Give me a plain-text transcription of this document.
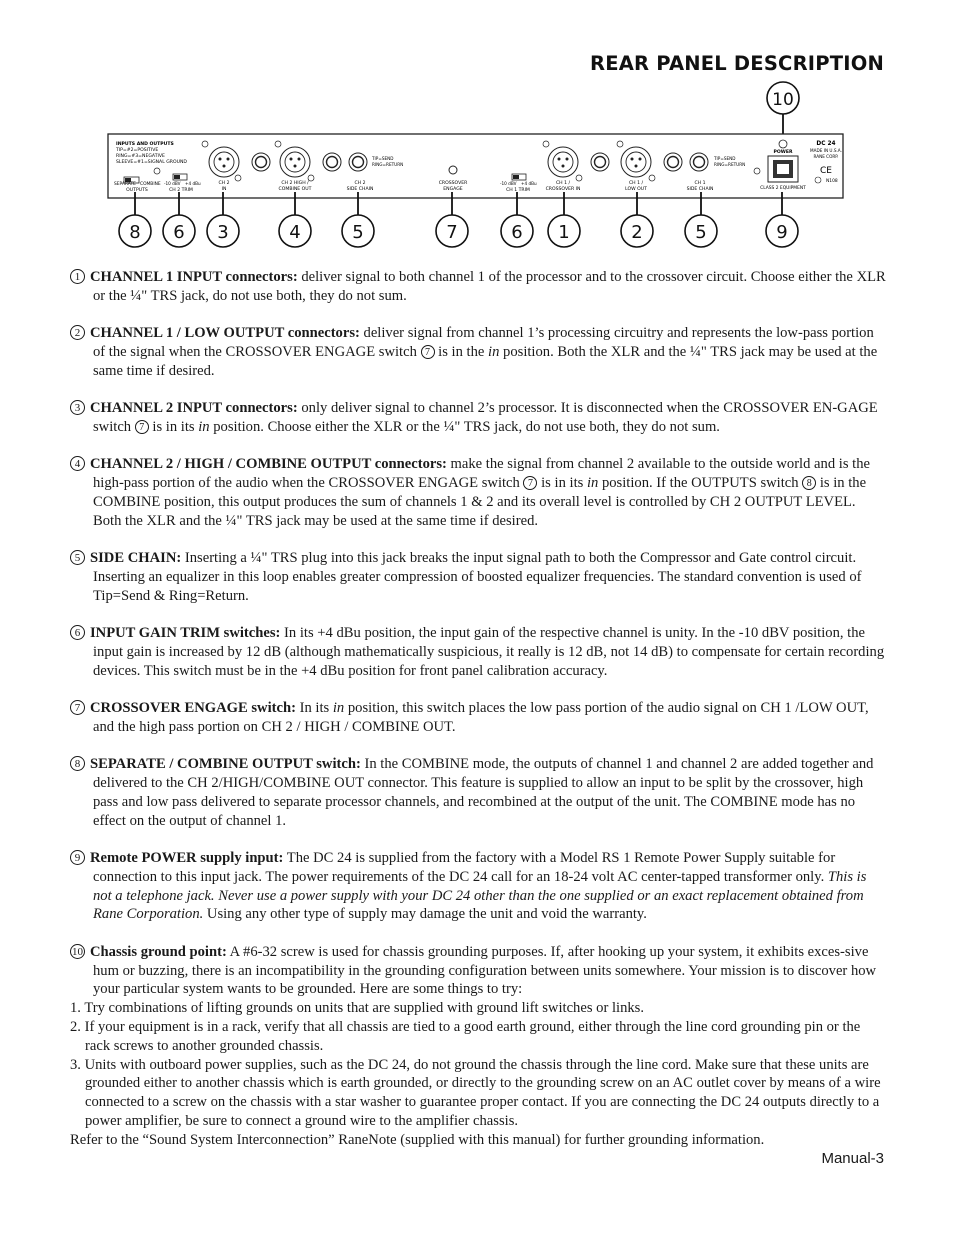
REAR PANEL DESCRIPTION
10
INPUTS AND OUTPUTS
TIP=#2=POSITIVE
RING=#3=NEGATIVE
SLEEVE=#1=SIGNAL GROUND
SEPARATE COMBINE
OUTPUTS
-10 dBV +4 dBu
CH 2 TRIM
CH 2
IN
CH 2 HIGH /
COMBINE OUT
TIP=SEND
RING=RETURN
CH 2
SIDE CHAIN
CROSSOVER
ENGAGE
-10 dBV +4 dBu
CH 1 TRIM
CH 1 /
CROSSOVER IN
CH 1 /
LOW OUT
TIP=SEND
RING=RETURN
CH 1
SIDE CHAIN
POWER
CLASS 2 EQUIPMENT
DC 24
MADE IN U.S.A.
RANE CORP.
CE
N108
8 6 3	4	5	7	6 1	2	5	9
1 CHANNEL 1 INPUT connectors: deliver signal to both channel 1 of the processor and to the crossover circuit. Choose either the XLR or the ¼" TRS jack, do not use both, they do not sum.
2 CHANNEL 1 / LOW OUTPUT connectors: deliver signal from channel 1’s processing circuitry and represents the low-pass portion of the signal when the CROSSOVER ENGAGE switch 7 is in the in position. Both the XLR and the ¼" TRS jack may be used at the same time if desired.
3 CHANNEL 2 INPUT connectors: only deliver signal to channel 2’s processor. It is disconnected when the CROSSOVER EN-GAGE switch 7 is in its in position. Choose either the XLR or the ¼" TRS jack, do not use both, they do not sum.
4 CHANNEL 2 / HIGH / COMBINE OUTPUT connectors: make the signal from channel 2 available to the outside world and is the high-pass portion of the audio when the CROSSOVER ENGAGE switch 7 is in its in position. If the OUTPUTS switch 8 is in the COMBINE position, this output produces the sum of channels 1 & 2 and its overall level is controlled by CH 2 OUTPUT LEVEL. Both the XLR and the ¼" TRS jack may be used at the same time if desired.
5 SIDE CHAIN: Inserting a ¼" TRS plug into this jack breaks the input signal path to both the Compressor and Gate control circuit. Inserting an equalizer in this loop enables greater compression of boosted equalizer frequencies. The standard convention is used of Tip=Send & Ring=Return.
6 INPUT GAIN TRIM switches: In its +4 dBu position, the input gain of the respective channel is unity. In the -10 dBV position, the input gain is increased by 12 dB (although mathematically suspicious, it really is 12 dB, not 14 dB) to compensate for certain recording devices. This switch must be in the +4 dBu position for front panel calibration accuracy.
7 CROSSOVER ENGAGE switch: In its in position, this switch places the low pass portion of the audio signal on CH 1 /LOW OUT, and the high pass portion on CH 2 / HIGH / COMBINE OUT.
8 SEPARATE / COMBINE OUTPUT switch: In the COMBINE mode, the outputs of channel 1 and channel 2 are added together and delivered to the CH 2/HIGH/COMBINE OUT connector. This feature is supplied to allow an input to be split by the crossover, high pass and low pass delivered to separate processor channels, and recombined at the output of the unit. The COMBINE mode has no effect on the output of channel 1.
9 Remote POWER supply input: The DC 24 is supplied from the factory with a Model RS 1 Remote Power Supply suitable for connection to this input jack. The power requirements of the DC 24 call for an 18-24 volt AC center-tapped transformer only. This is not a telephone jack. Never use a power supply with your DC 24 other than the one supplied or an exact replacement obtained from Rane Corporation. Using any other type of supply may damage the unit and void the warranty.
10 Chassis ground point: A #6-32 screw is used for chassis grounding purposes. If, after hooking up your system, it exhibits exces-sive hum or buzzing, there is an incompatibility in the grounding configuration between units somewhere. Your mission is to discover how your particular system wants to be grounded. Here are some things to try:
1. Try combinations of lifting grounds on units that are supplied with ground lift switches or links.
2. If your equipment is in a rack, verify that all chassis are tied to a good earth ground, either through the line cord grounding pin or the rack screws to another grounded chassis.
3. Units with outboard power supplies, such as the DC 24, do not ground the chassis through the line cord. Make sure that these units are grounded either to another chassis which is earth grounded, or directly to the grounding screw on an AC outlet cover by means of a wire connected to a screw on the chassis with a star washer to guarantee proper contact. If you are connecting the DC 24 outputs directly to a power amplifier, be sure to connect a ground wire to the amplifier chassis.
Refer to the “Sound System Interconnection” RaneNote (supplied with this manual) for further grounding information.
Manual-3
